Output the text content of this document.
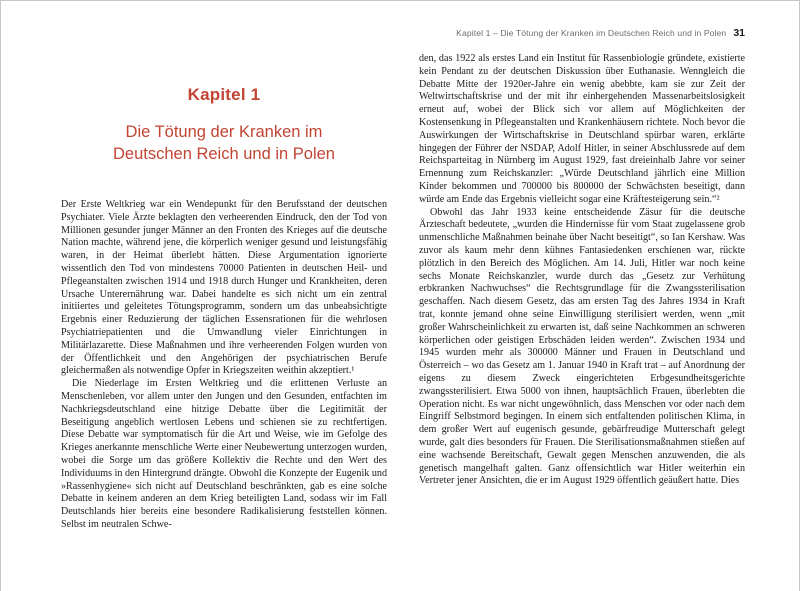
Kapitel 1
Die Tötung der Kranken im
Deutschen Reich und in Polen

Der Erste Weltkrieg war ein Wendepunkt für den Berufsstand der deutschen Psychiater. Viele Ärzte beklagten den verheerenden Eindruck, den der Tod von Millionen gesunder junger Männer an den Fronten des Krieges auf die deutsche Nation machte, während jene, die körperlich weniger gesund und leistungsfähig waren, in der Heimat überlebt hätten. Diese Argumentation ignorierte wissentlich den Tod von mindestens 70000 Patienten in deutschen Heil- und Pflegeanstalten zwischen 1914 und 1918 durch Hunger und Krankheiten, deren Ursache Unterernährung war. Dabei handelte es sich nicht um ein zentral initiiertes und geleitetes Tötungsprogramm, sondern um das unbeabsichtigte Ergebnis einer Reduzierung der täglichen Essensrationen für die wehrlosen Psychiatriepatienten und die Umwandlung vieler Einrichtungen in Militärlazarette. Diese Maßnahmen und ihre verheerenden Folgen wurden von der Öffentlichkeit und den Angehörigen der psychiatrischen Berufe gleichermaßen als notwendige Opfer in Kriegszeiten weithin akzeptiert.¹

Die Niederlage im Ersten Weltkrieg und die erlittenen Verluste an Menschenleben, vor allem unter den Jungen und den Gesunden, entfachten im Nachkriegsdeutschland eine hitzige Debatte über die Legitimität der Beseitigung angeblich wertlosen Lebens und schienen sie zu rechtfertigen. Diese Debatte war symptomatisch für die Art und Weise, wie im Gefolge des Krieges anerkannte menschliche Werte einer Neubewertung unterzogen wurden, wobei die Sorge um das größere Kollektiv die Rechte und den Wert des Individuums in den Hintergrund drängte. Obwohl die Konzepte der Eugenik und »Rassenhygiene« sich nicht auf Deutschland beschränkten, gab es eine solche Debatte in keinem anderen an dem Krieg beteiligten Land, sodass wir im Fall Deutschlands hier bereits eine besondere Radikalisierung feststellen können. Selbst im neutralen Schwe-

Kapitel 1 – Die Tötung der Kranken im Deutschen Reich und in Polen 31

den, das 1922 als erstes Land ein Institut für Rassenbiologie gründete, existierte kein Pendant zu der deutschen Diskussion über Euthanasie. Wenngleich die Debatte Mitte der 1920er-Jahre ein wenig abebbte, kam sie zur Zeit der Weltwirtschaftskrise und der mit ihr einhergehenden Massenarbeitslosigkeit erneut auf, wobei der Blick sich vor allem auf Möglichkeiten der Kostensenkung in Pflegeanstalten und Krankenhäusern richtete. Noch bevor die Auswirkungen der Wirtschaftskrise in Deutschland spürbar waren, erklärte hingegen der Führer der NSDAP, Adolf Hitler, in seiner Abschlussrede auf dem Reichsparteitag in Nürnberg im August 1929, fast dreieinhalb Jahre vor seiner Ernennung zum Reichskanzler: „Würde Deutschland jährlich eine Million Kinder bekommen und 700000 bis 800000 der Schwächsten beseitigt, dann würde am Ende das Ergebnis vielleicht sogar eine Kräftesteigerung sein.“²

Obwohl das Jahr 1933 keine entscheidende Zäsur für die deutsche Ärzteschaft bedeutete, „wurden die Hindernisse für vom Staat zugelassene grob unmenschliche Maßnahmen beinahe über Nacht beseitigt“, so Ian Kershaw. Was zuvor als kaum mehr denn kühnes Fantasiedenken erschienen war, rückte plötzlich in den Bereich des Möglichen. Am 14. Juli, Hitler war noch keine sechs Monate Reichskanzler, wurde durch das „Gesetz zur Verhütung erbkranken Nachwuchses“ die Rechtsgrundlage für die Zwangssterilisation geschaffen. Nach diesem Gesetz, das am ersten Tag des Jahres 1934 in Kraft trat, konnte jemand ohne seine Einwilligung sterilisiert werden, wenn „mit großer Wahrscheinlichkeit zu erwarten ist, daß seine Nachkommen an schweren körperlichen oder geistigen Erbschäden leiden werden“. Zwischen 1934 und 1945 wurden mehr als 300000 Männer und Frauen in Deutschland und Österreich – wo das Gesetz am 1. Januar 1940 in Kraft trat – auf Anordnung der eigens zu diesem Zweck eingerichteten Erbgesundheitsgerichte zwangssterilisiert. Etwa 5000 von ihnen, hauptsächlich Frauen, überlebten die Operation nicht. Es war nicht ungewöhnlich, dass Menschen vor oder nach dem Eingriff Selbstmord begingen. In einem sich entfaltenden politischen Klima, in dem großer Wert auf eugenisch gesunde, gebärfreudige Mutterschaft gelegt wurde, galt dies besonders für Frauen. Die Sterilisationsmaßnahmen stießen auf eine wachsende Bereitschaft, Gewalt gegen Menschen anzuwenden, die als genetisch mangelhaft galten. Ganz offensichtlich war Hitler weiterhin ein Vertreter jener Ansichten, die er im August 1929 öffentlich geäußert hatte. Dies
